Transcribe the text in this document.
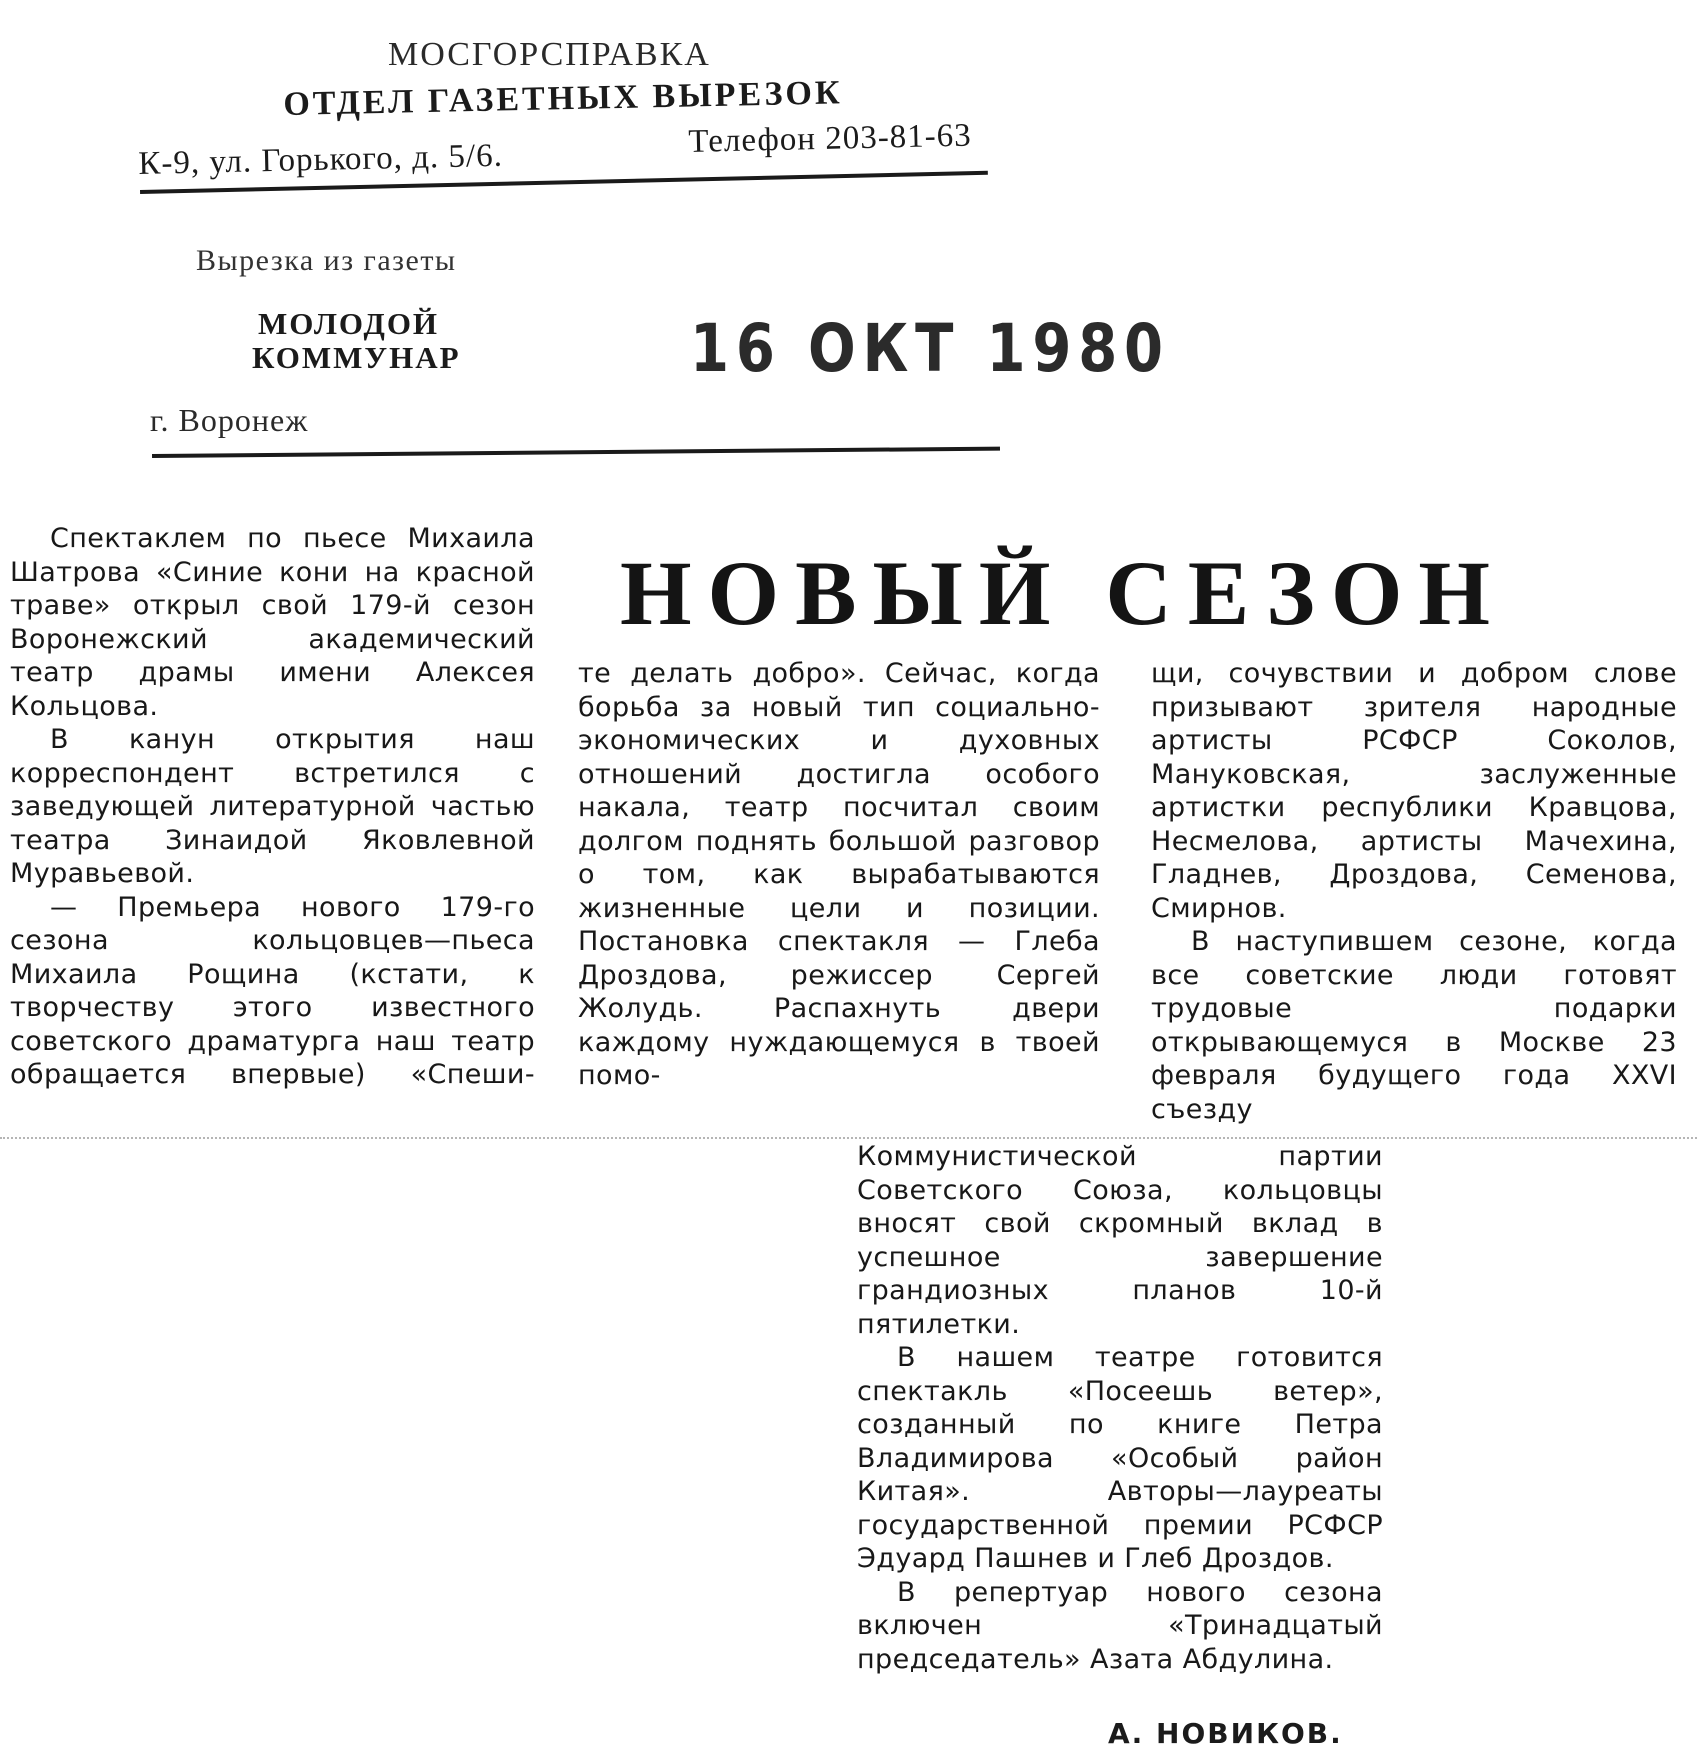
МОСГОРСПРАВКА
ОТДЕЛ ГАЗЕТНЫХ ВЫРЕЗОК
К-9, ул. Горького, д. 5/6.	Телефон 203-81-63
Вырезка из газеты
МОЛОДОЙ
КОММУНАР
г. Воронеж
16 ОКТ 1980
НОВЫЙ СЕЗОН

Спектаклем по пьесе Михаила Шатрова «Синие кони на красной траве» открыл свой 179-й сезон Воронежский академический театр драмы имени Алексея Кольцова.

В канун открытия наш корреспондент встретился с заведующей литературной частью театра Зинаидой Яковлевной Муравьевой.

— Премьера нового 179-го сезона кольцовцев—пьеса Михаила Рощина (кстати, к творчеству этого известного советского драматурга наш театр обращается впервые) «Спеши-

те делать добро». Сейчас, когда борьба за новый тип социально-экономических и духовных отношений достигла особого накала, театр посчитал своим долгом поднять большой разговор о том, как вырабатываются жизненные цели и позиции. Постановка спектакля — Глеба Дроздова, режиссер Сергей Жолудь. Распахнуть двери каждому нуждающемуся в твоей помо-

щи, сочувствии и добром слове призывают зрителя народные артисты РСФСР Соколов, Мануковская, заслуженные артистки республики Кравцова, Несмелова, артисты Мачехина, Гладнев, Дроздова, Семенова, Смирнов.

В наступившем сезоне, когда все советские люди готовят трудовые подарки открывающемуся в Москве 23 февраля будущего года XXVI съезду

Коммунистической партии Советского Союза, кольцовцы вносят свой скромный вклад в успешное завершение грандиозных планов 10-й пятилетки.

В нашем театре готовится спектакль «Посеешь ветер», созданный по книге Петра Владимирова «Особый район Китая». Авторы—лауреаты государственной премии РСФСР Эдуард Пашнев и Глеб Дроздов.

В репертуар нового сезона включен «Тринадцатый председатель» Азата Абдулина.

А. НОВИКОВ.
